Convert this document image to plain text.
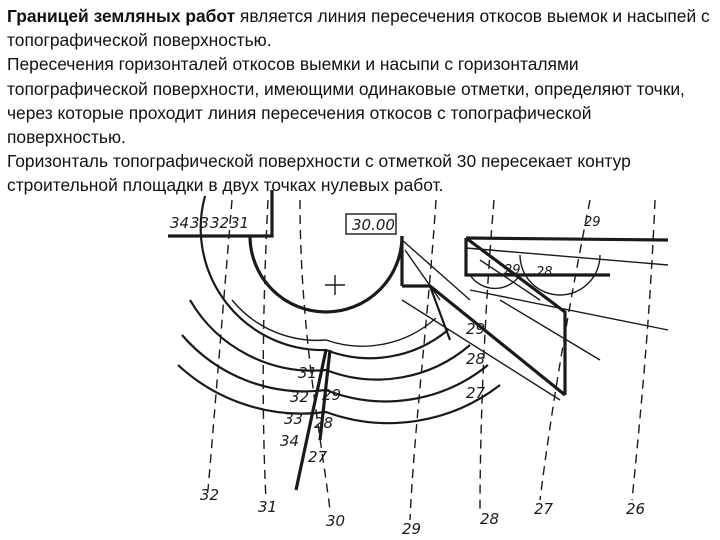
Границей земляных работ является линия пересечения откосов выемок и насыпей с топографической поверхностью.

Пересечения горизонталей откосов выемки и насыпи с горизонталями топографической поверхности, имеющими одинаковые отметки, определяют точки, через которые проходит линия пересечения откосов с топографической поверхностью.

Горизонталь топографической поверхности с отметкой 30 пересекает контур строительной площадки в двух точках нулевых работ.

30.00
34 33 32 31
31
32
33
34
29
28
27
29 28
29
29
28
27
32
31
30	29
28
27	26
